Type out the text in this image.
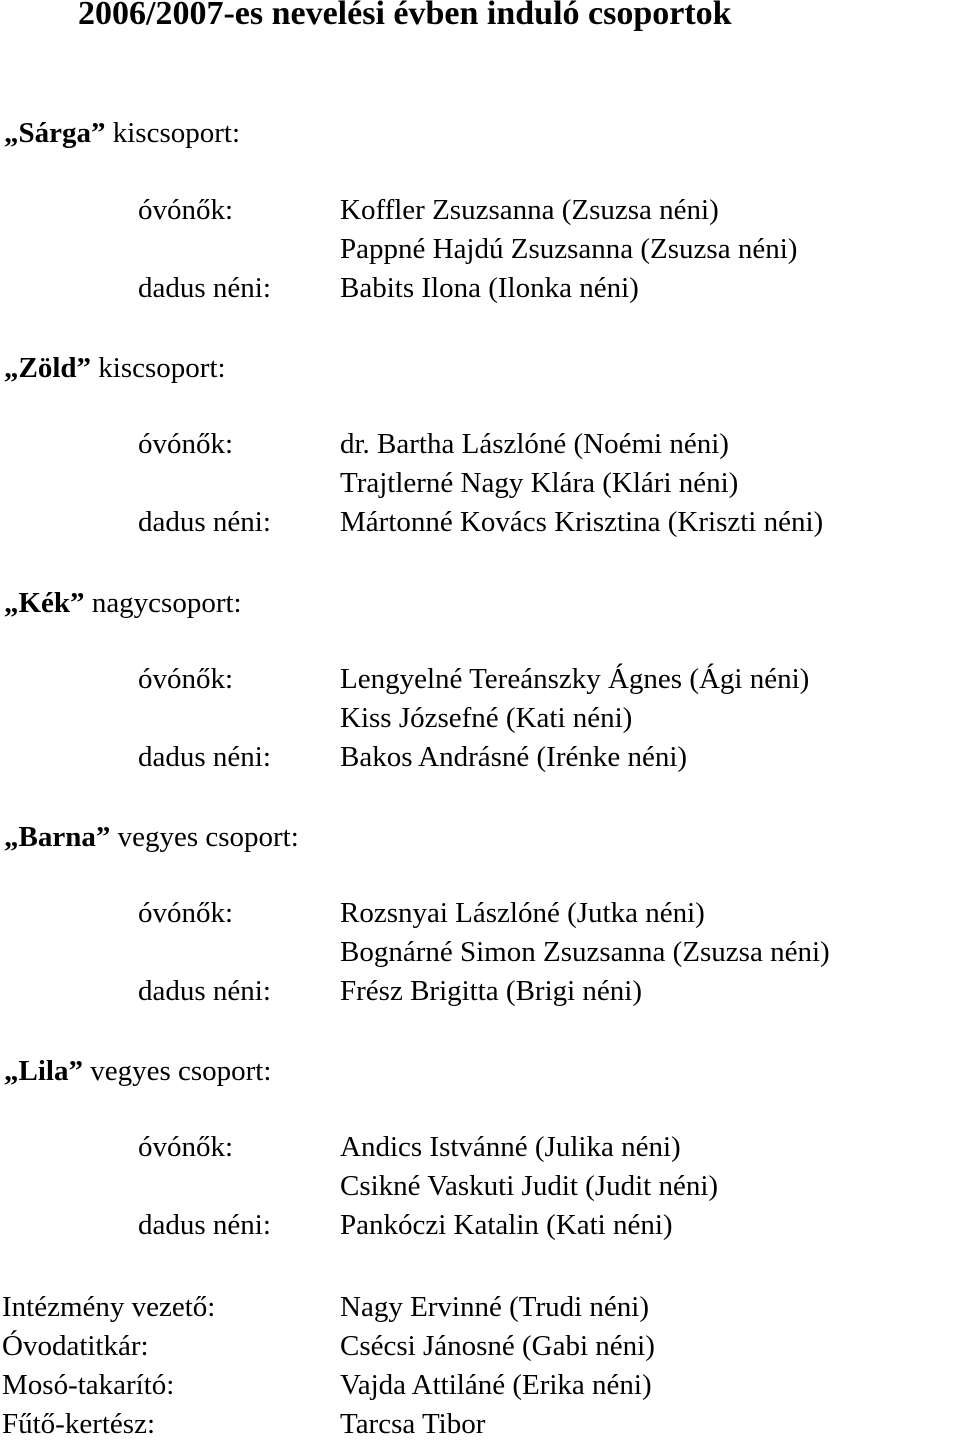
2006/2007-es nevelési évben induló csoportok
„Sárga” kiscsoport:
óvónők:	Koffler Zsuzsanna (Zsuzsa néni)
Pappné Hajdú Zsuzsanna (Zsuzsa néni)
dadus néni: Babits Ilona (Ilonka néni)
„Zöld” kiscsoport:
óvónők:	dr. Bartha Lászlóné (Noémi néni)
Trajtlerné Nagy Klára (Klári néni)
dadus néni: Mártonné Kovács Krisztina (Kriszti néni)
„Kék” nagycsoport:
óvónők:	Lengyelné Tereánszky Ágnes (Ági néni)
Kiss Józsefné (Kati néni)
dadus néni: Bakos Andrásné (Irénke néni)
„Barna” vegyes csoport:
óvónők:	Rozsnyai Lászlóné (Jutka néni)
Bognárné Simon Zsuzsanna (Zsuzsa néni)
dadus néni: Frész Brigitta (Brigi néni)
„Lila” vegyes csoport:
óvónők:	Andics Istvánné (Julika néni)
Csikné Vaskuti Judit (Judit néni)
dadus néni: Pankóczi Katalin (Kati néni)
Intézmény vezető:	Nagy Ervinné (Trudi néni)
Óvodatitkár:	Csécsi Jánosné (Gabi néni)
Mosó-takarító:	Vajda Attiláné (Erika néni)
Fűtő-kertész:	Tarcsa Tibor
